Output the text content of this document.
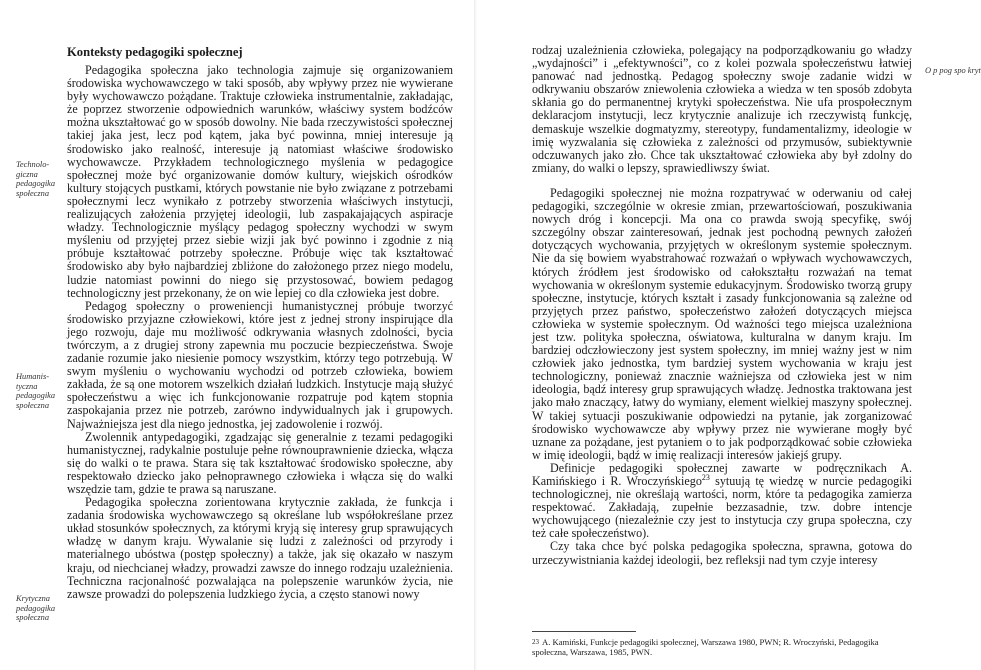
Konteksty pedagogiki społecznej

Pedagogika społeczna jako technologia zajmuje się organizowaniem środowiska wychowawczego w taki sposób, aby wpływy przez nie wywierane były wychowawczo pożądane. Traktuje człowieka instrumentalnie, zakładając, że poprzez stworzenie odpowiednich warunków, właściwy system bodźców można ukształtować go w sposób dowolny. Nie bada rzeczywistości społecznej takiej jaka jest, lecz pod kątem, jaka być powinna, mniej interesuje ją środowisko jako realność, interesuje ją natomiast właściwe środowisko wychowawcze. Przykładem technologicznego myślenia w pedagogice społecznej może być organizowanie domów kultury, wiejskich ośrodków kultury stojących pustkami, których powstanie nie było związane z potrzebami społecznymi lecz wynikało z potrzeby stworzenia właściwych instytucji, realizujących założenia przyjętej ideologii, lub zaspakajających aspiracje władzy. Technologicznie myślący pedagog społeczny wychodzi w swym myśleniu od przyjętej przez siebie wizji jak być powinno i zgodnie z nią próbuje kształtować potrzeby społeczne. Próbuje więc tak kształtować środowisko aby było najbardziej zbliżone do założonego przez niego modelu, ludzie natomiast powinni do niego się przystosować, bowiem pedagog technologiczny jest przekonany, że on wie lepiej co dla człowieka jest dobre.

Pedagog społeczny o proweniencji humanistycznej próbuje tworzyć środowisko przyjazne człowiekowi, które jest z jednej strony inspirujące dla jego rozwoju, daje mu możliwość odkrywania własnych zdolności, bycia twórczym, a z drugiej strony zapewnia mu poczucie bezpieczeństwa. Swoje zadanie rozumie jako niesienie pomocy wszystkim, którzy tego potrzebują. W swym myśleniu o wychowaniu wychodzi od potrzeb człowieka, bowiem zakłada, że są one motorem wszelkich działań ludzkich. Instytucje mają służyć społeczeństwu a więc ich funkcjonowanie rozpatruje pod kątem stopnia zaspokajania przez nie potrzeb, zarówno indywidualnych jak i grupowych. Najważniejsza jest dla niego jednostka, jej zadowolenie i rozwój.

Zwolennik antypedagogiki, zgadzając się generalnie z tezami pedagogiki humanistycznej, radykalnie postuluje pełne równouprawnienie dziecka, włącza się do walki o te prawa. Stara się tak kształtować środowisko społeczne, aby respektowało dziecko jako pełnoprawnego człowieka i włącza się do walki wszędzie tam, gdzie te prawa są naruszane.

Pedagogika społeczna zorientowana krytycznie zakłada, że funkcja i zadania środowiska wychowawczego są określane lub współokreślane przez układ stosunków społecznych, za którymi kryją się interesy grup sprawujących władzę w danym kraju. Wywalanie się ludzi z zależności od przyrody i materialnego ubóstwa (postęp społeczny) a także, jak się okazało w naszym kraju, od niechcianej władzy, prowadzi zawsze do innego rodzaju uzależnienia. Technicznа racjonalność pozwalająca na polepszenie warunków życia, nie zawsze prowadzi do polepszenia ludzkiego życia, a często stanowi nowy

Technolo-giczna pedagogika społeczna
Humanis-tyczna pedagogika społeczna
Krytyczna pedagogika społeczna

rodzaj uzależnienia człowieka, polegający na podporządkowaniu go władzy „wydajności” i „efektywności”, co z kolei pozwala społeczeństwu łatwiej panować nad jednostką. Pedagog społeczny swoje zadanie widzi w odkrywaniu obszarów zniewolenia człowieka a wiedza w ten sposób zdobyta skłania go do permanentnej krytyki społeczeństwa. Nie ufa prospołecznym deklaracjom instytucji, lecz krytycznie analizuje ich rzeczywistą funkcję, demaskuje wszelkie dogmatyzmy, stereotypy, fundamentalizmy, ideologie w imię wyzwalania się człowieka z zależności od przymusów, subiektywnie odczuwanych jako zło. Chce tak ukształtować człowieka aby był zdolny do zmiany, do walki o lepszy, sprawiedliwszy świat.

Pedagogiki społecznej nie można rozpatrywać w oderwaniu od całej pedagogiki, szczególnie w okresie zmian, przewartościowań, poszukiwania nowych dróg i koncepcji. Ma ona co prawda swoją specyfikę, swój szczególny obszar zainteresowań, jednak jest pochodną pewnych założeń dotyczących wychowania, przyjętych w określonym systemie społecznym. Nie da się bowiem wyabstrahować rozważań o wpływach wychowawczych, których źródłem jest środowisko od całokształtu rozważań na temat wychowania w określonym systemie edukacyjnym. Środowisko tworzą grupy społeczne, instytucje, których kształt i zasady funkcjonowania są zależne od przyjętych przez państwo, społeczeństwo założeń dotyczących miejsca człowieka w systemie społecznym. Od ważności tego miejsca uzależniona jest tzw. polityka społeczna, oświatowa, kulturalna w danym kraju. Im bardziej odczłowieczony jest system społeczny, im mniej ważny jest w nim człowiek jako jednostka, tym bardziej system wychowania w kraju jest technologiczny, ponieważ znacznie ważniejsza od człowieka jest w nim ideologia, bądź interesy grup sprawujących władzę. Jednostka traktowana jest jako mało znaczący, łatwy do wymiany, element wielkiej maszyny społecznej. W takiej sytuacji poszukiwanie odpowiedzi na pytanie, jak zorganizować środowisko wychowawcze aby wpływy przez nie wywierane mogły być uznane za pożądane, jest pytaniem o to jak podporządkować sobie człowieka w imię ideologii, bądź w imię realizacji interesów jakiejś grupy.

Definicje pedagogiki społecznej zawarte w podręcznikach A. Kamińskiego i R. Wroczyńskiego$^{23}$ sytuują tę wiedzę w nurcie pedagogiki technologicznej, nie określają wartości, norm, które ta pedagogika zamierza respektować. Zakładają, zupełnie bezzasadnie, tzw. dobre intencje wychowującego (niezależnie czy jest to instytucja czy grupa społeczna, czy też całe społeczeństwo).

Czy taka chce być polska pedagogika społeczna, sprawna, gotowa do urzeczywistniania każdej ideologii, bez refleksji nad tym czyje interesy

O p pog spo kryt
$^{23}$ A. Kamiński, Funkcje pedagogiki społecznej, Warszawa 1980, PWN; R. Wroczyński, Pedagogika społeczna, Warszawa, 1985, PWN.
